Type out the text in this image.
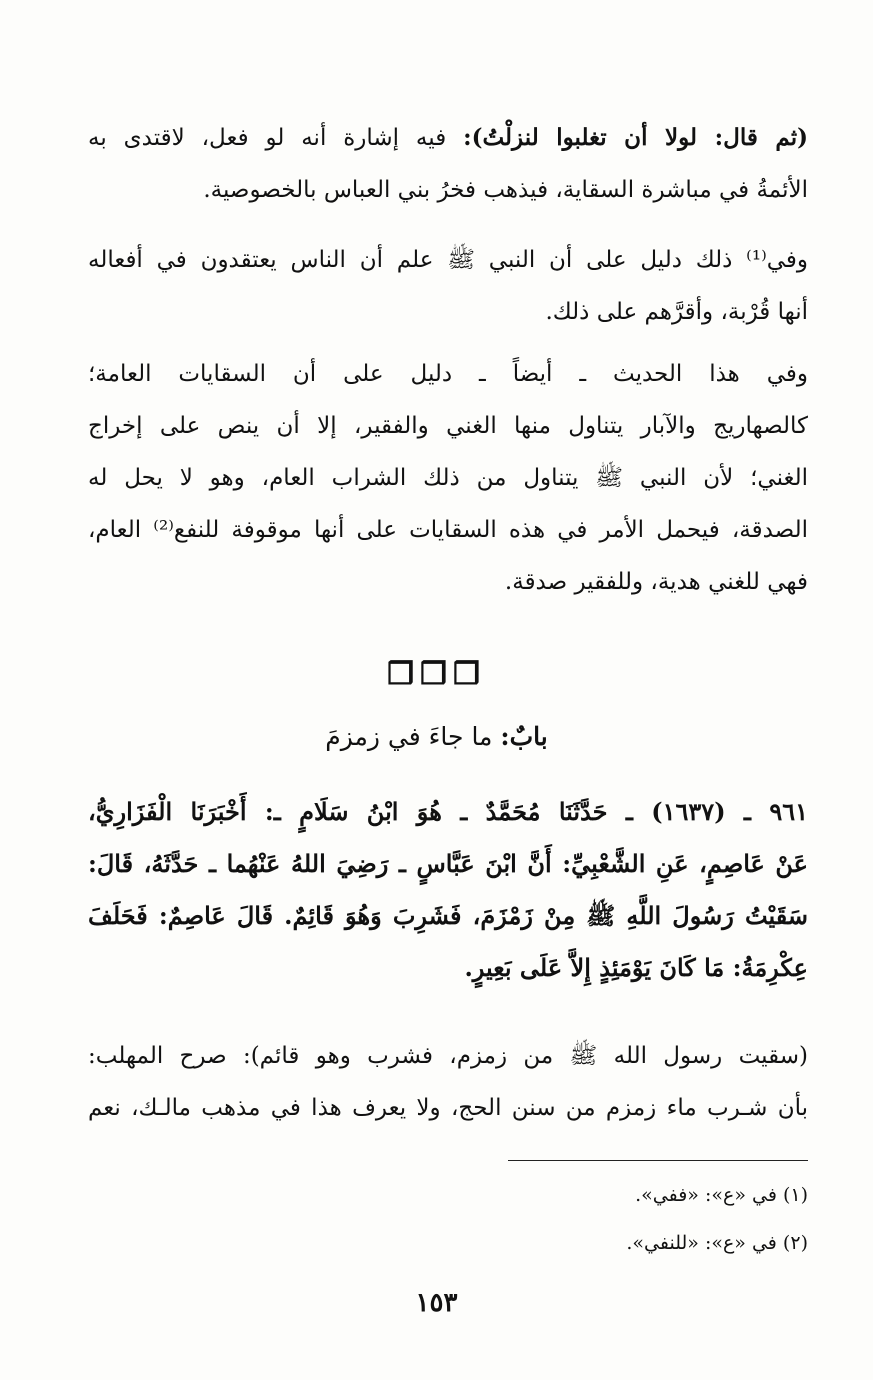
(ثم قال: لولا أن تغلبوا لنزلْتُ): فيه إشارة أنه لو فعل، لاقتدى به
الأئمةُ في مباشرة السقاية، فيذهب فخرُ بني العباس بالخصوصية.
وفي⁽¹⁾ ذلك دليل على أن النبي ﷺ علم أن الناس يعتقدون في أفعاله
أنها قُرْبة، وأقرَّهم على ذلك.
وفي هذا الحديث ـ أيضاً ـ دليل على أن السقايات العامة؛
كالصهاريج والآبار يتناول منها الغني والفقير، إلا أن ينص على إخراج
الغني؛ لأن النبي ﷺ يتناول من ذلك الشراب العام، وهو لا يحل له
الصدقة، فيحمل الأمر في هذه السقايات على أنها موقوفة للنفع⁽²⁾ العام،
فهي للغني هدية، وللفقير صدقة.
❒❒❒
بابٌ: ما جاءَ في زمزمَ
٩٦١ ـ (١٦٣٧) ـ حَدَّثَنَا مُحَمَّدٌ ـ هُوَ ابْنُ سَلَامٍ ـ: أَخْبَرَنَا الْفَزَارِيُّ،
عَنْ عَاصِمٍ، عَنِ الشَّعْبِيِّ: أَنَّ ابْنَ عَبَّاسٍ ـ رَضِيَ اللهُ عَنْهُما ـ حَدَّثَهُ، قَالَ:
سَقَيْتُ رَسُولَ اللَّهِ ﷺ مِنْ زَمْزَمَ، فَشَرِبَ وَهُوَ قَائِمٌ. قَالَ عَاصِمٌ: فَحَلَفَ
عِكْرِمَةُ: مَا كَانَ يَوْمَئِذٍ إِلاَّ عَلَى بَعِيرٍ.
(سقيت رسول الله ﷺ من زمزم، فشرب وهو قائم): صرح المهلب:
بأن شـرب ماء زمزم من سنن الحج، ولا يعرف هذا في مذهب مالـك، نعم
(١) في «ع»: «ففي».
(٢) في «ع»: «للنفي».
١٥٣
